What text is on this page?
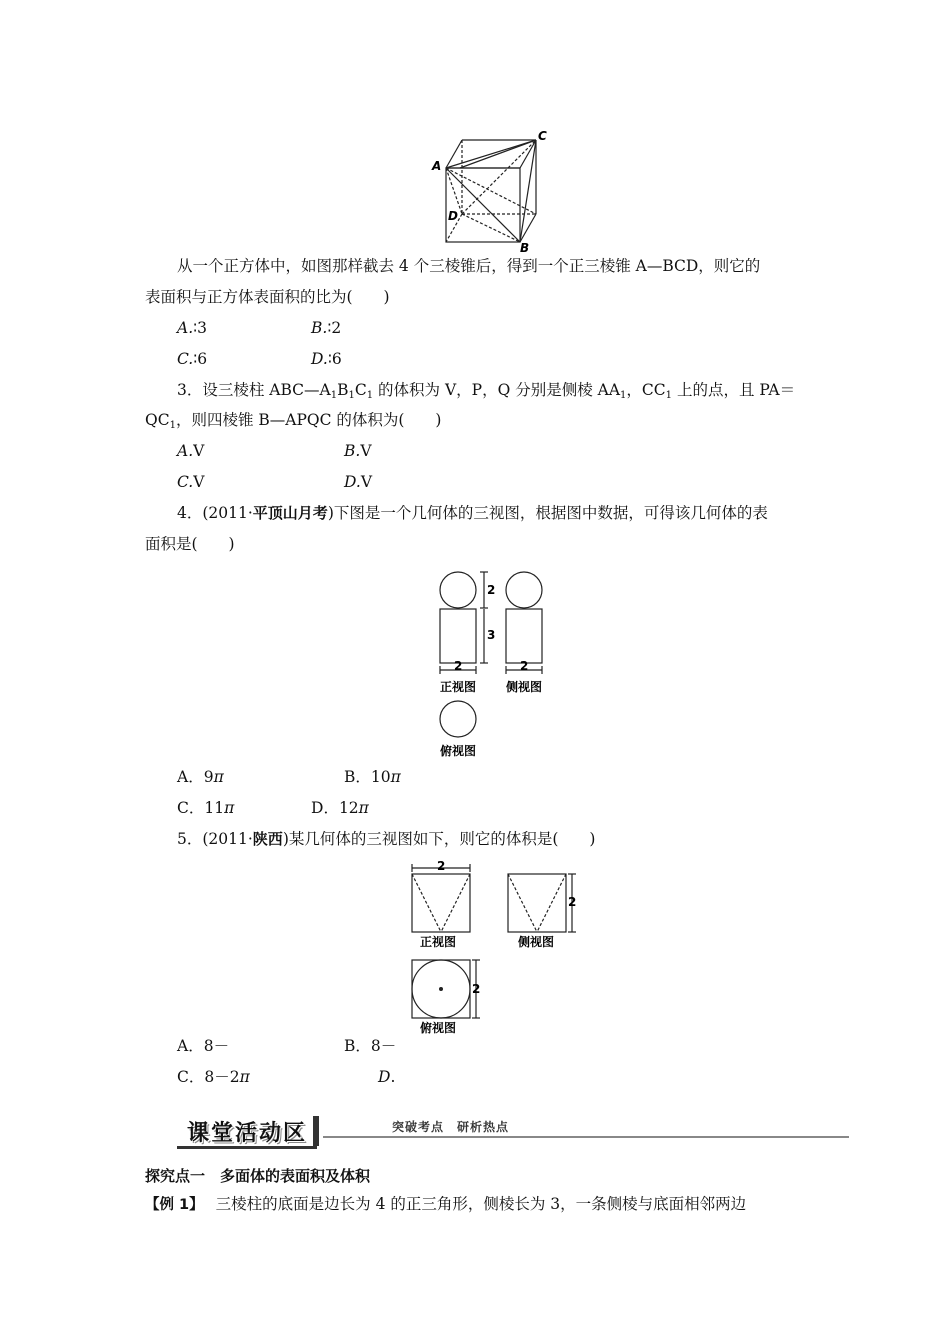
A
C
D
B
从一个正方体中，如图那样截去 4 个三棱锥后，得到一个正三棱锥 A—BCD，则它的
表面积与正方体表面积的比为(　　)
A.∶3	B.∶2
C.∶6	D.∶6
3．设三棱柱 $ABC—A_1B_1C_1$ 的体积为 V，P，Q 分别是侧棱 $AA_1$，$CC_1$ 上的点，且 PA＝
$QC_1$，则四棱锥 B—APQC 的体积为(　　)
A.V	B.V
C.V	D.V
4．(2011·平顶山月考)下图是一个几何体的三视图，根据图中数据，可得该几何体的表
面积是(　　)
2
3
2	2
正视图 侧视图
俯视图
A．9π	B．10π
C．11π	D．12π
5．(2011·陕西)某几何体的三视图如下，则它的体积是(　　)
2
2
2
正视图	侧视图
俯视图
A．8－	B．8－
C．8－2π	D.
课堂活动区	突破考点　研析热点
探究点一　多面体的表面积及体积
【例 1】 三棱柱的底面是边长为 4 的正三角形，侧棱长为 3，一条侧棱与底面相邻两边
